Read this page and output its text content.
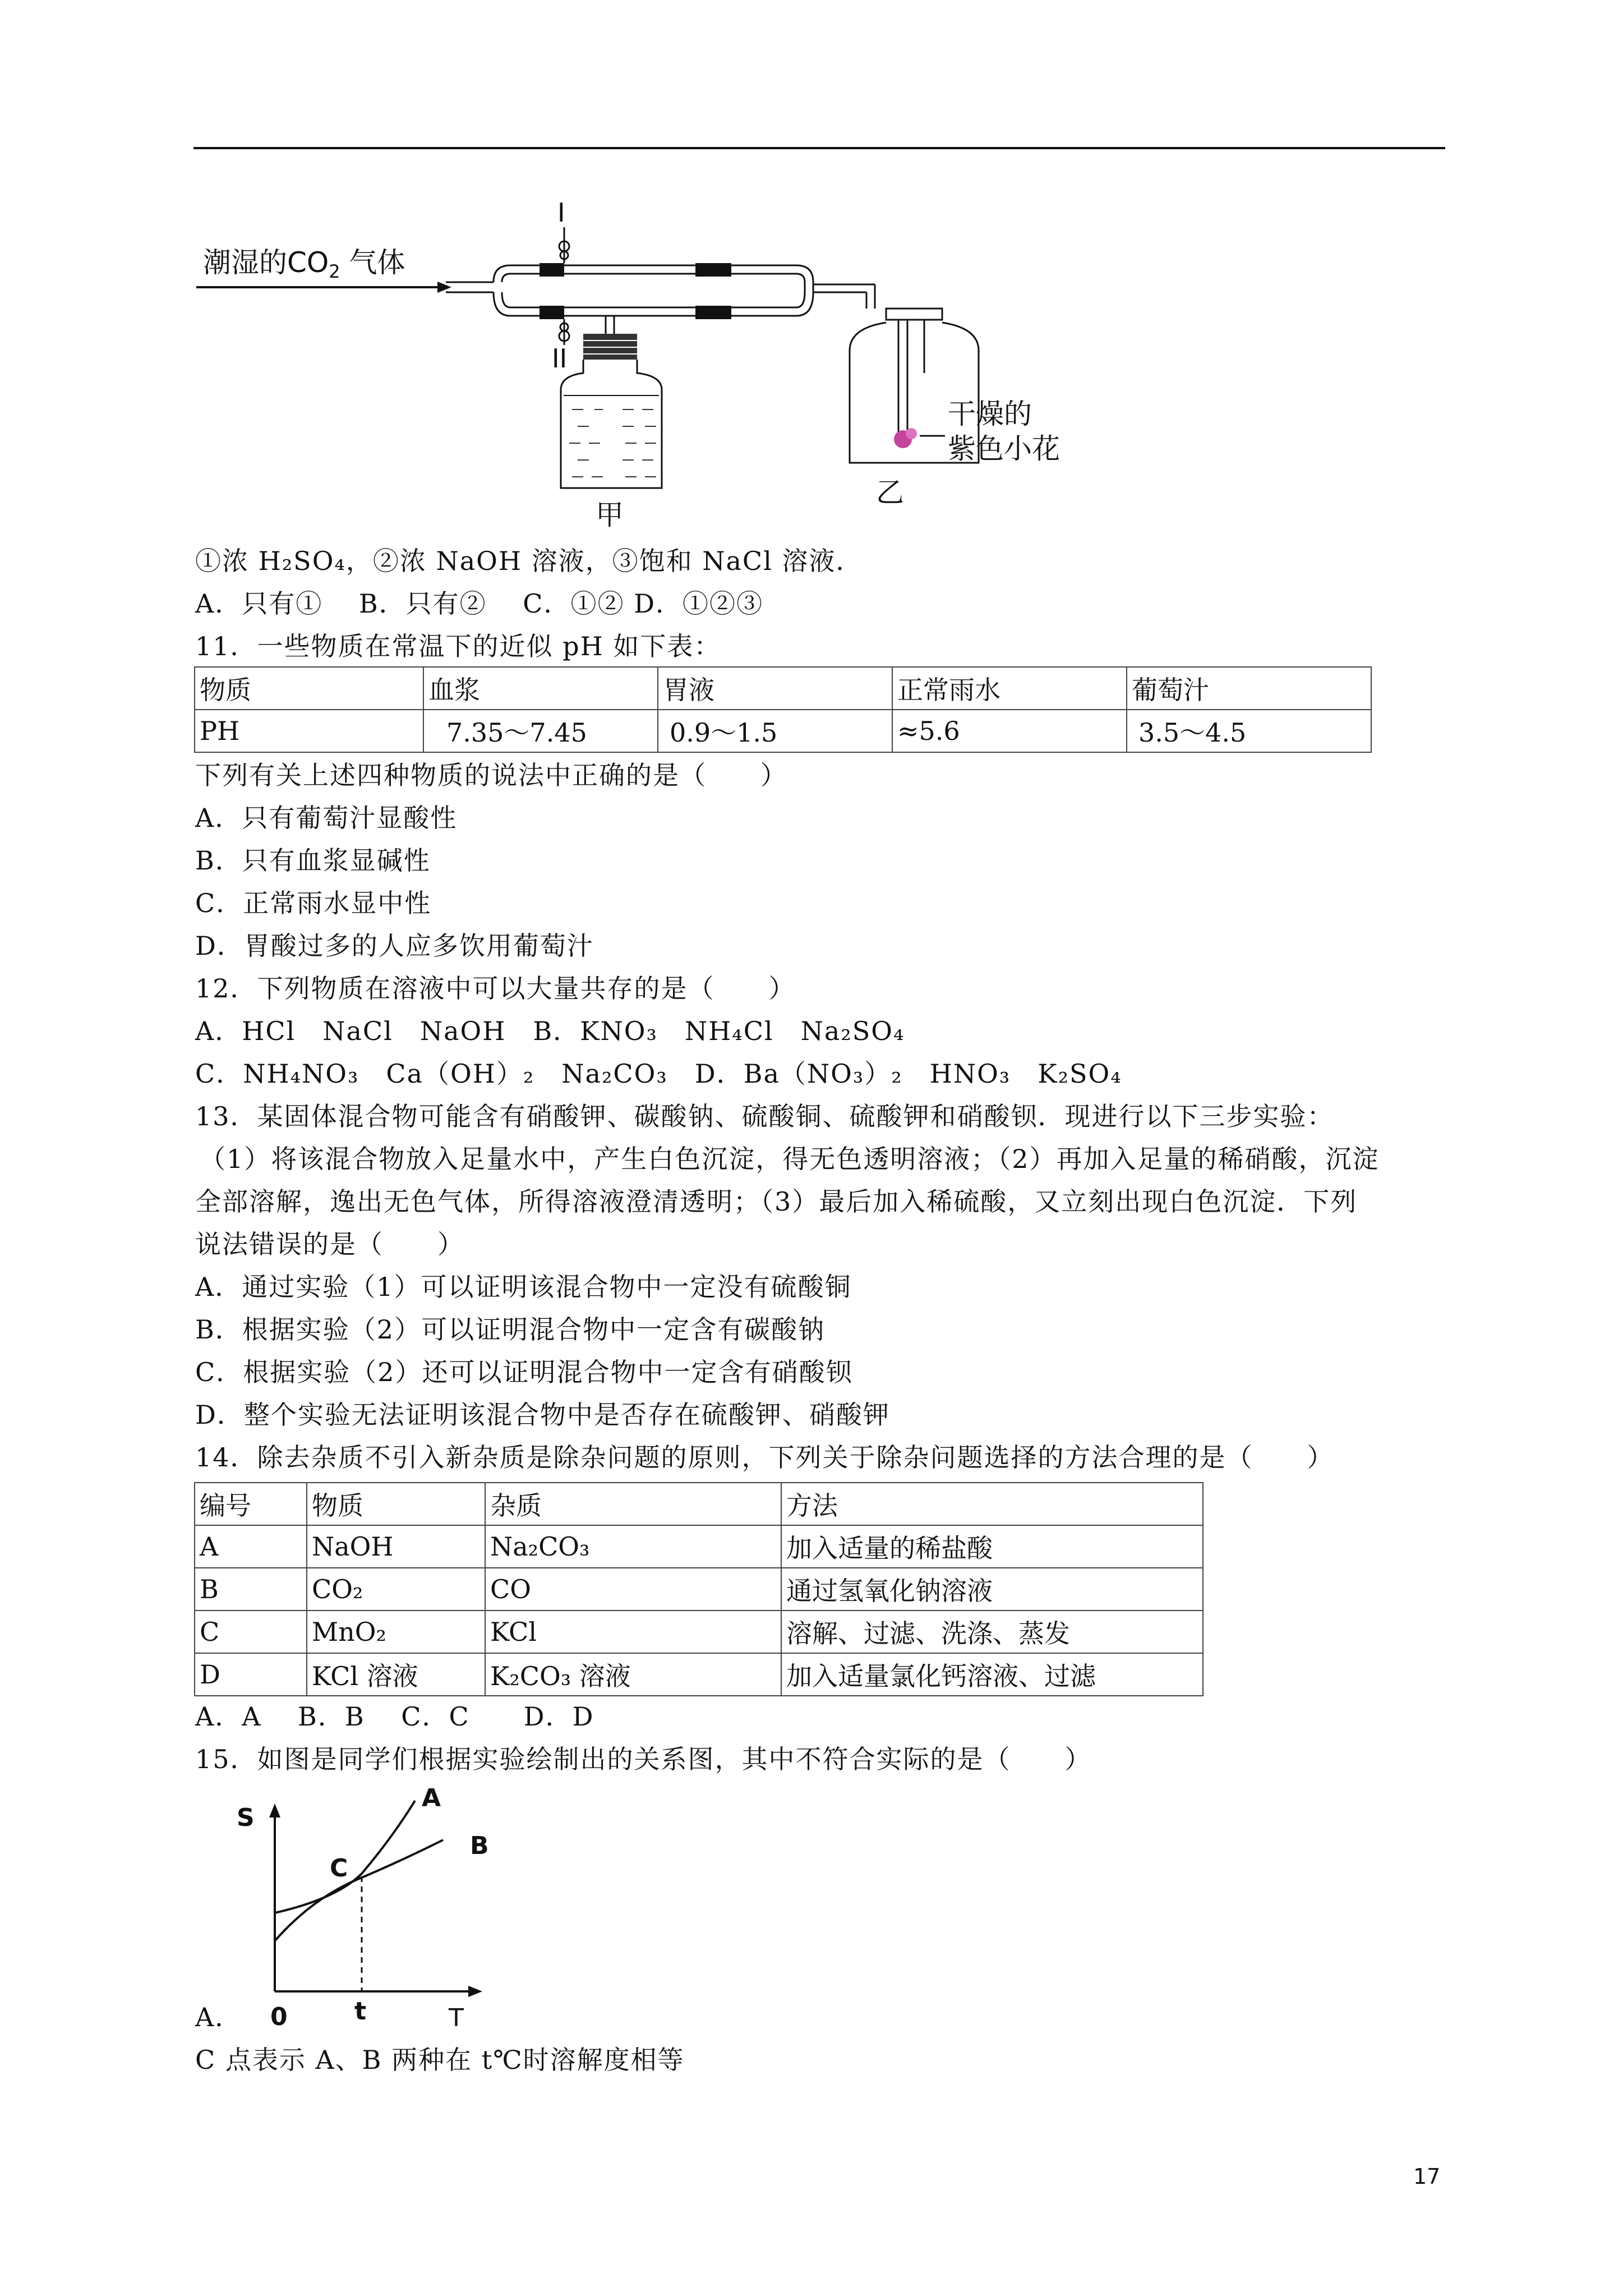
潮湿的$CO_2$ 气体
I
II
甲
干燥的
紫色小花
乙
①浓 H₂SO₄，②浓 NaOH 溶液，③饱和 NaCl 溶液．
A．只有①　 B．只有②　 C．①② D．①②③
11．一些物质在常温下的近似 pH 如下表：
物质	血浆	胃液	正常雨水	葡萄汁
PH	7.35～7.45	0.9～1.5	≈5.6	3.5～4.5
下列有关上述四种物质的说法中正确的是（　　）
A．只有葡萄汁显酸性
B．只有血浆显碱性
C．正常雨水显中性
D．胃酸过多的人应多饮用葡萄汁
12．下列物质在溶液中可以大量共存的是（　　）
A．HCl　NaCl　NaOH　B．KNO₃　NH₄Cl　Na₂SO₄
C．NH₄NO₃　Ca（OH）₂　Na₂CO₃　D．Ba（NO₃）₂　HNO₃　K₂SO₄
13．某固体混合物可能含有硝酸钾、碳酸钠、硫酸铜、硫酸钾和硝酸钡．现进行以下三步实验：
（1）将该混合物放入足量水中，产生白色沉淀，得无色透明溶液；（2）再加入足量的稀硝酸，沉淀
全部溶解，逸出无色气体，所得溶液澄清透明；（3）最后加入稀硫酸，又立刻出现白色沉淀．下列
说法错误的是（　　）
A．通过实验（1）可以证明该混合物中一定没有硫酸铜
B．根据实验（2）可以证明混合物中一定含有碳酸钠
C．根据实验（2）还可以证明混合物中一定含有硝酸钡
D．整个实验无法证明该混合物中是否存在硫酸钾、硝酸钾
14．除去杂质不引入新杂质是除杂问题的原则，下列关于除杂问题选择的方法合理的是（　　）
编号	物质	杂质	方法
A	NaOH	Na₂CO₃	加入适量的稀盐酸
B	CO₂	CO	通过氢氧化钠溶液
C	MnO₂	KCl	溶解、过滤、洗涤、蒸发
D	KCl 溶液	K₂CO₃ 溶液	加入适量氯化钙溶液、过滤
A．A　 B．B　 C．C　　D．D
15．如图是同学们根据实验绘制出的关系图，其中不符合实际的是（　　）
S
A
B
C
0	t	T
A．
C 点表示 A、B 两种在 t℃时溶解度相等
17
